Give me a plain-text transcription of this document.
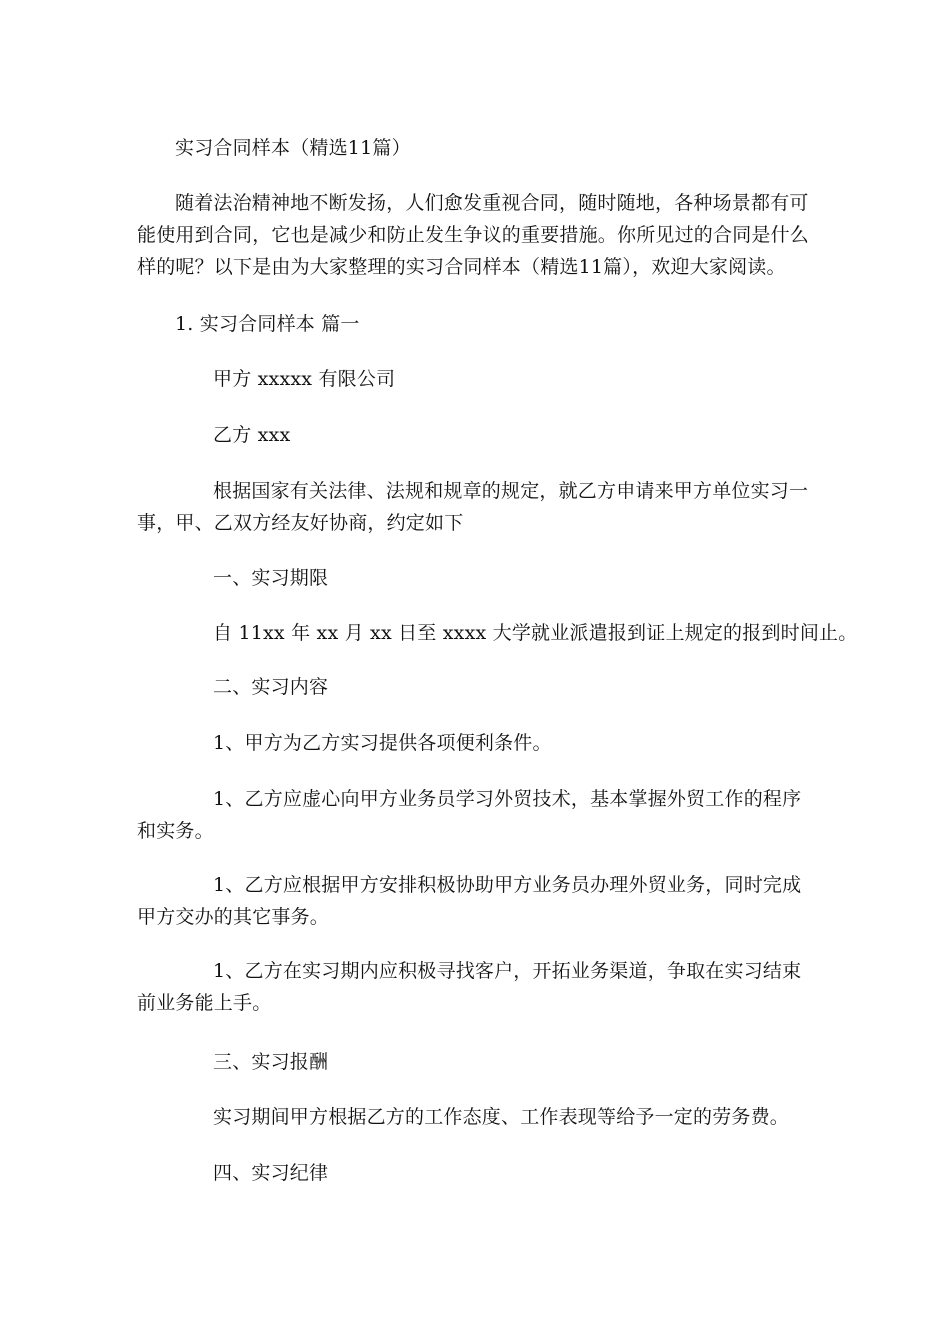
实习合同样本（精选11篇）
随着法治精神地不断发扬，人们愈发重视合同，随时随地，各种场景都有可
能使用到合同，它也是减少和防止发生争议的重要措施。你所见过的合同是什么
样的呢？以下是由为大家整理的实习合同样本（精选11篇），欢迎大家阅读。
1. 实习合同样本 篇一
甲方 xxxxx 有限公司
乙方 xxx
根据国家有关法律、法规和规章的规定，就乙方申请来甲方单位实习一
事，甲、乙双方经友好协商，约定如下
一、实习期限
自 11xx 年 xx 月 xx 日至 xxxx 大学就业派遣报到证上规定的报到时间止。
二、实习内容
1、甲方为乙方实习提供各项便利条件。
1、乙方应虚心向甲方业务员学习外贸技术，基本掌握外贸工作的程序
和实务。
1、乙方应根据甲方安排积极协助甲方业务员办理外贸业务，同时完成
甲方交办的其它事务。
1、乙方在实习期内应积极寻找客户，开拓业务渠道，争取在实习结束
前业务能上手。
三、实习报酬
实习期间甲方根据乙方的工作态度、工作表现等给予一定的劳务费。
四、实习纪律
